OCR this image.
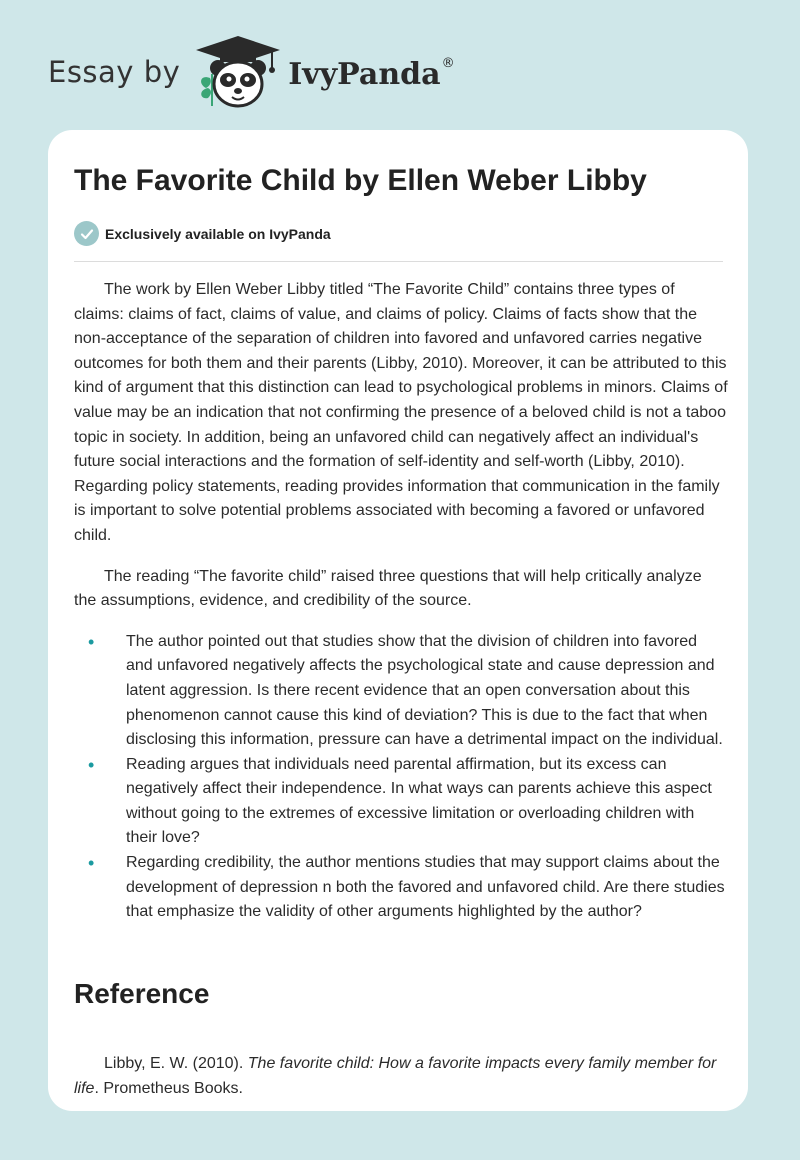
Essay by	IvyPanda®
The Favorite Child by Ellen Weber Libby
Exclusively available on IvyPanda

The work by Ellen Weber Libby titled “The Favorite Child” contains three types of claims: claims of fact, claims of value, and claims of policy. Claims of facts show that the non-acceptance of the separation of children into favored and unfavored carries negative outcomes for both them and their parents (Libby, 2010). Moreover, it can be attributed to this kind of argument that this distinction can lead to psychological problems in minors. Claims of value may be an indication that not confirming the presence of a beloved child is not a taboo topic in society. In addition, being an unfavored child can negatively affect an individual's future social interactions and the formation of self-identity and self-worth (Libby, 2010). Regarding policy statements, reading provides information that communication in the family is important to solve potential problems associated with becoming a favored or unfavored child.

The reading “The favorite child” raised three questions that will help critically analyze the assumptions, evidence, and credibility of the source.

• The author pointed out that studies show that the division of children into favored and unfavored negatively affects the psychological state and cause depression and latent aggression. Is there recent evidence that an open conversation about this phenomenon cannot cause this kind of deviation? This is due to the fact that when disclosing this information, pressure can have a detrimental impact on the individual.
• Reading argues that individuals need parental affirmation, but its excess can negatively affect their independence. In what ways can parents achieve this aspect without going to the extremes of excessive limitation or overloading children with their love?
• Regarding credibility, the author mentions studies that may support claims about the development of depression n both the favored and unfavored child. Are there studies that emphasize the validity of other arguments highlighted by the author?
Reference

Libby, E. W. (2010). The favorite child: How a favorite impacts every family member for life. Prometheus Books.
